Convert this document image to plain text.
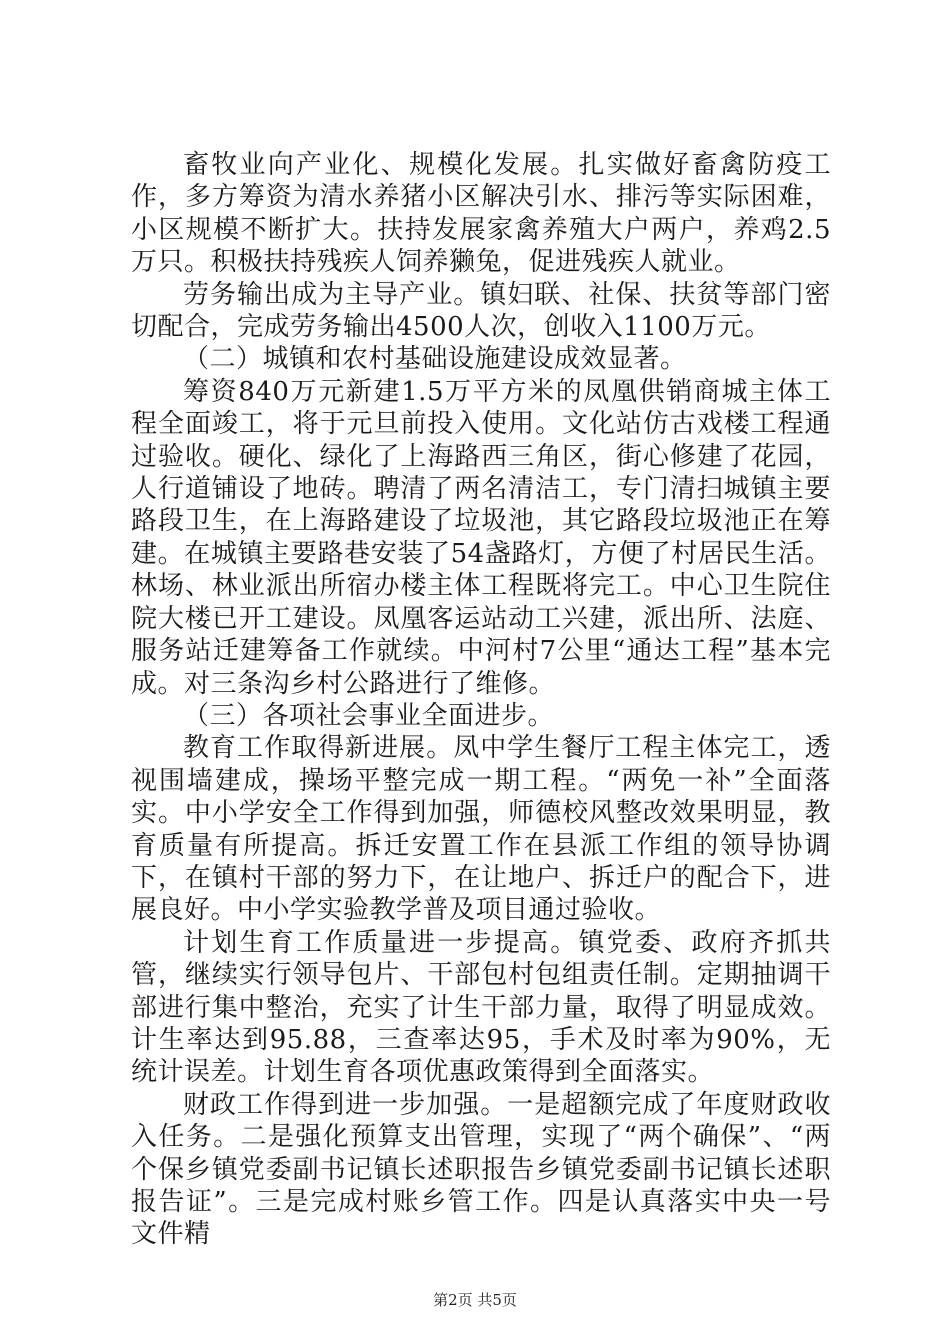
畜牧业向产业化、规模化发展。扎实做好畜禽防疫工作，多方筹资为清水养猪小区解决引水、排污等实际困难，小区规模不断扩大。扶持发展家禽养殖大户两户，养鸡2.5万只。积极扶持残疾人饲养獭兔，促进残疾人就业。

劳务输出成为主导产业。镇妇联、社保、扶贫等部门密切配合，完成劳务输出4500人次，创收入1100万元。

（二）城镇和农村基础设施建设成效显著。

筹资840万元新建1.5万平方米的凤凰供销商城主体工程全面竣工，将于元旦前投入使用。文化站仿古戏楼工程通过验收。硬化、绿化了上海路西三角区，街心修建了花园，人行道铺设了地砖。聘清了两名清洁工，专门清扫城镇主要路段卫生，在上海路建设了垃圾池，其它路段垃圾池正在筹建。在城镇主要路巷安装了54盏路灯，方便了村居民生活。林场、林业派出所宿办楼主体工程既将完工。中心卫生院住院大楼已开工建设。凤凰客运站动工兴建，派出所、法庭、服务站迁建筹备工作就续。中河村7公里“通达工程”基本完成。对三条沟乡村公路进行了维修。

（三）各项社会事业全面进步。

教育工作取得新进展。凤中学生餐厅工程主体完工，透视围墙建成，操场平整完成一期工程。“两免一补”全面落实。中小学安全工作得到加强，师德校风整改效果明显，教育质量有所提高。拆迁安置工作在县派工作组的领导协调下，在镇村干部的努力下，在让地户、拆迁户的配合下，进展良好。中小学实验教学普及项目通过验收。

计划生育工作质量进一步提高。镇党委、政府齐抓共管，继续实行领导包片、干部包村包组责任制。定期抽调干部进行集中整治，充实了计生干部力量，取得了明显成效。计生率达到95.88，三查率达95，手术及时率为90%，无统计误差。计划生育各项优惠政策得到全面落实。

财政工作得到进一步加强。一是超额完成了年度财政收入任务。二是强化预算支出管理，实现了“两个确保”、“两个保乡镇党委副书记镇长述职报告乡镇党委副书记镇长述职报告证”。三是完成村账乡管工作。四是认真落实中央一号文件精

第2页 共5页
